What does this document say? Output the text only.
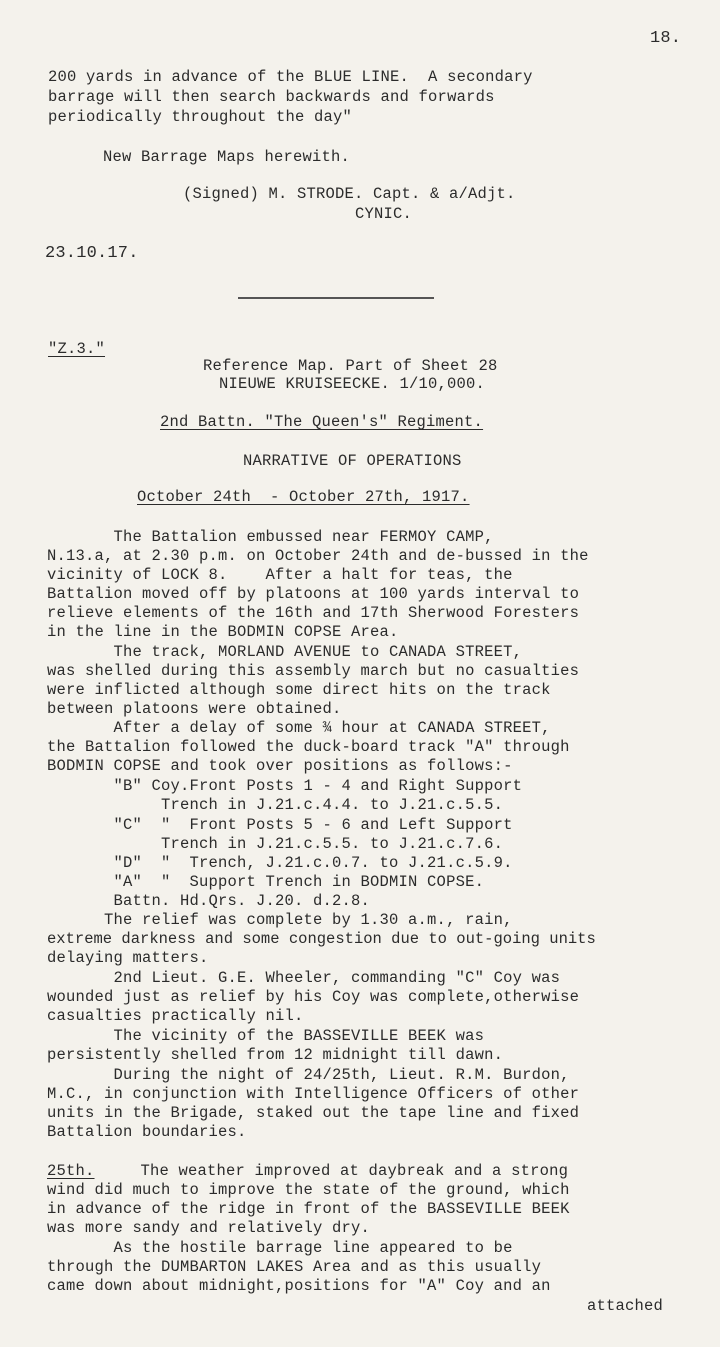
18.
200 yards in advance of the BLUE LINE.  A secondary
barrage will then search backwards and forwards
periodically throughout the day"
New Barrage Maps herewith.
(Signed) M. STRODE. Capt. & a/Adjt.
CYNIC.
23.10.17.
"Z.3."
Reference Map. Part of Sheet 28
NIEUWE KRUISEECKE. 1/10,000.
2nd Battn. "The Queen's" Regiment.
NARRATIVE OF OPERATIONS
October 24th  - October 27th, 1917.
The Battalion embussed near FERMOY CAMP,
N.13.a, at 2.30 p.m. on October 24th and de-bussed in the
vicinity of LOCK 8.    After a halt for teas, the
Battalion moved off by platoons at 100 yards interval to
relieve elements of the 16th and 17th Sherwood Foresters
in the line in the BODMIN COPSE Area.
The track, MORLAND AVENUE to CANADA STREET,
was shelled during this assembly march but no casualties
were inflicted although some direct hits on the track
between platoons were obtained.
After a delay of some ¾ hour at CANADA STREET,
the Battalion followed the duck-board track "A" through
BODMIN COPSE and took over positions as follows:-
"B" Coy.Front Posts 1 - 4 and Right Support
Trench in J.21.c.4.4. to J.21.c.5.5.
"C"  "  Front Posts 5 - 6 and Left Support
Trench in J.21.c.5.5. to J.21.c.7.6.
"D"  "  Trench, J.21.c.0.7. to J.21.c.5.9.
"A"  "  Support Trench in BODMIN COPSE.
Battn. Hd.Qrs. J.20. d.2.8.
The relief was complete by 1.30 a.m., rain,
extreme darkness and some congestion due to out-going units
delaying matters.
2nd Lieut. G.E. Wheeler, commanding "C" Coy was
wounded just as relief by his Coy was complete,otherwise
casualties practically nil.
The vicinity of the BASSEVILLE BEEK was
persistently shelled from 12 midnight till dawn.
During the night of 24/25th, Lieut. R.M. Burdon,
M.C., in conjunction with Intelligence Officers of other
units in the Brigade, staked out the tape line and fixed
Battalion boundaries.
25th. The weather improved at daybreak and a strong
wind did much to improve the state of the ground, which
in advance of the ridge in front of the BASSEVILLE BEEK
was more sandy and relatively dry.
As the hostile barrage line appeared to be
through the DUMBARTON LAKES Area and as this usually
came down about midnight,positions for "A" Coy and an
attached
